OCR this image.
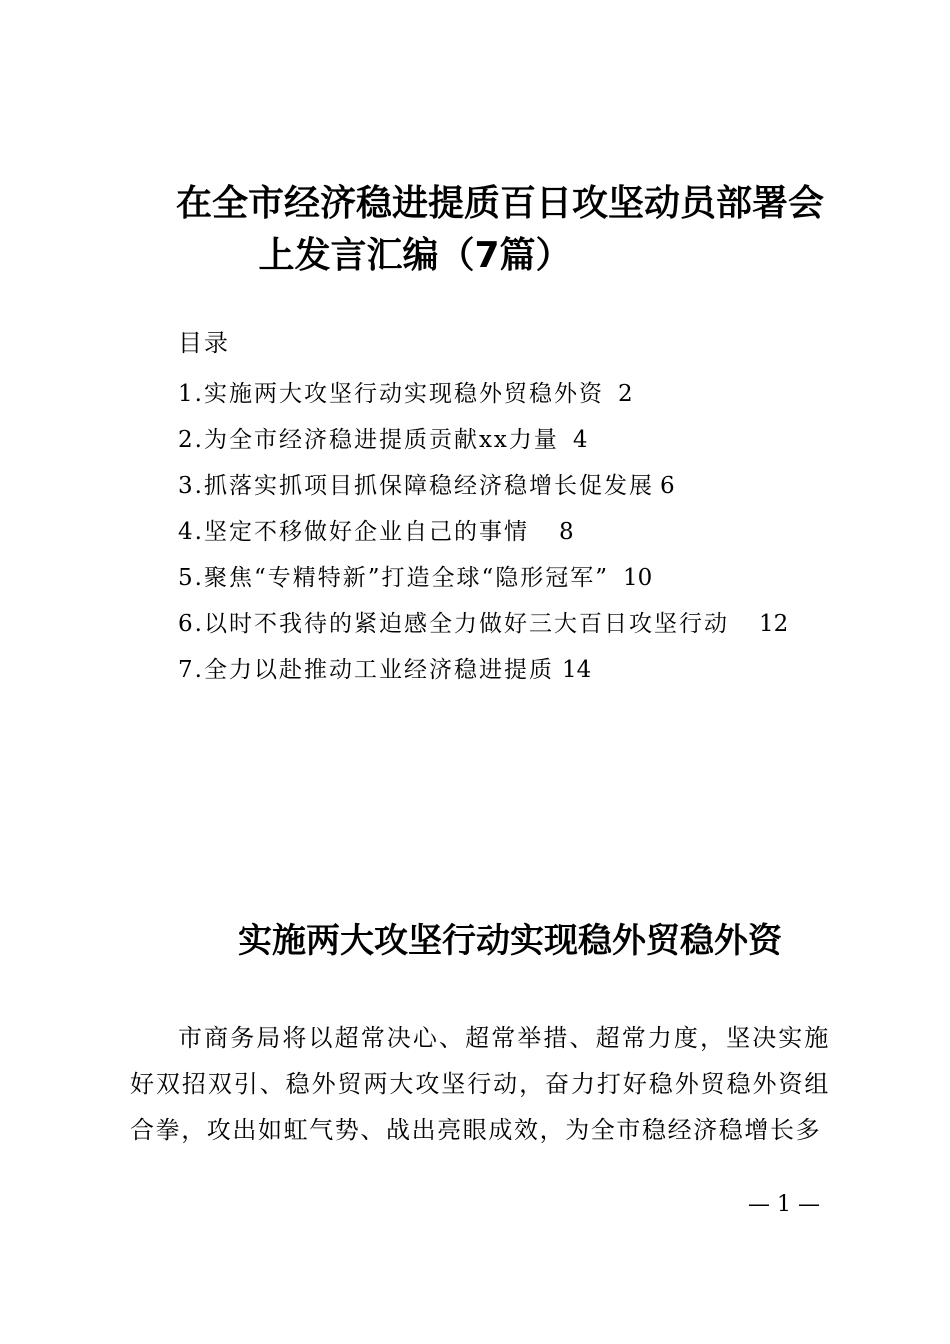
在全市经济稳进提质百日攻坚动员部署会
上发言汇编（7篇）

目录

1.实施两大攻坚行动实现稳外贸稳外资 2
2.为全市经济稳进提质贡献xx力量 4
3.抓落实抓项目抓保障稳经济稳增长促发展 6
4.坚定不移做好企业自己的事情 8
5.聚焦“专精特新”打造全球“隐形冠军” 10
6.以时不我待的紧迫感全力做好三大百日攻坚行动 12
7.全力以赴推动工业经济稳进提质 14
实施两大攻坚行动实现稳外贸稳外资

市商务局将以超常决心、超常举措、超常力度，坚决实施好双招双引、稳外贸两大攻坚行动，奋力打好稳外贸稳外资组合拳，攻出如虹气势、战出亮眼成效，为全市稳经济稳增长多

— 1 —
